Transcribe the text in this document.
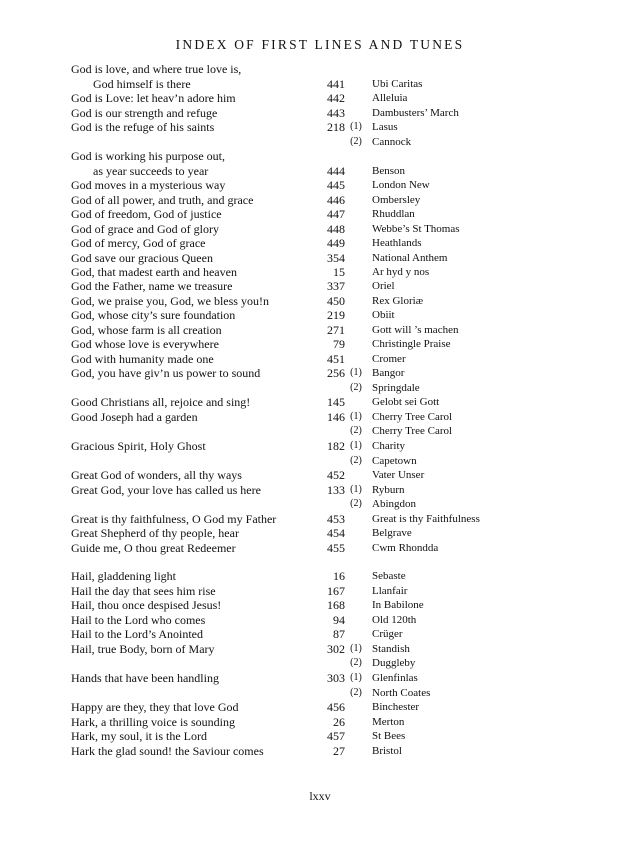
INDEX OF FIRST LINES AND TUNES
God is love, and where true love is,
God himself is there	441 Ubi Caritas
God is Love: let heav’n adore him	442 Alleluia
God is our strength and refuge	443 Dambusters’ March
God is the refuge of his saints	218 (1) Lasus
(2) Cannock
God is working his purpose out,
as year succeeds to year	444 Benson
God moves in a mysterious way	445 London New
God of all power, and truth, and grace	446 Ombersley
God of freedom, God of justice	447 Rhuddlan
God of grace and God of glory	448 Webbe’s St Thomas
God of mercy, God of grace	449 Heathlands
God save our gracious Queen	354 National Anthem
God, that madest earth and heaven	15 Ar hyd y nos
God the Father, name we treasure	337 Oriel
God, we praise you, God, we bless you!n	450 Rex Gloriæ
God, whose city’s sure foundation	219 Obiit
God, whose farm is all creation	271 Gott will ’s machen
God whose love is everywhere	79 Christingle Praise
God with humanity made one	451 Cromer
God, you have giv’n us power to sound	256 (1) Bangor
(2) Springdale
Good Christians all, rejoice and sing!	145 Gelobt sei Gott
Good Joseph had a garden	146 (1) Cherry Tree Carol
(2) Cherry Tree Carol
Gracious Spirit, Holy Ghost	182 (1) Charity
(2) Capetown
Great God of wonders, all thy ways	452 Vater Unser
Great God, your love has called us here	133 (1) Ryburn
(2) Abingdon
Great is thy faithfulness, O God my Father	453 Great is thy Faithfulness
Great Shepherd of thy people, hear	454 Belgrave
Guide me, O thou great Redeemer	455 Cwm Rhondda
Hail, gladdening light	16 Sebaste
Hail the day that sees him rise	167 Llanfair
Hail, thou once despised Jesus!	168 In Babilone
Hail to the Lord who comes	94 Old 120th
Hail to the Lord’s Anointed	87 Crüger
Hail, true Body, born of Mary	302 (1) Standish
(2) Duggleby
Hands that have been handling	303 (1) Glenfinlas
(2) North Coates
Happy are they, they that love God	456 Binchester
Hark, a thrilling voice is sounding	26 Merton
Hark, my soul, it is the Lord	457 St Bees
Hark the glad sound! the Saviour comes	27 Bristol
lxxv
